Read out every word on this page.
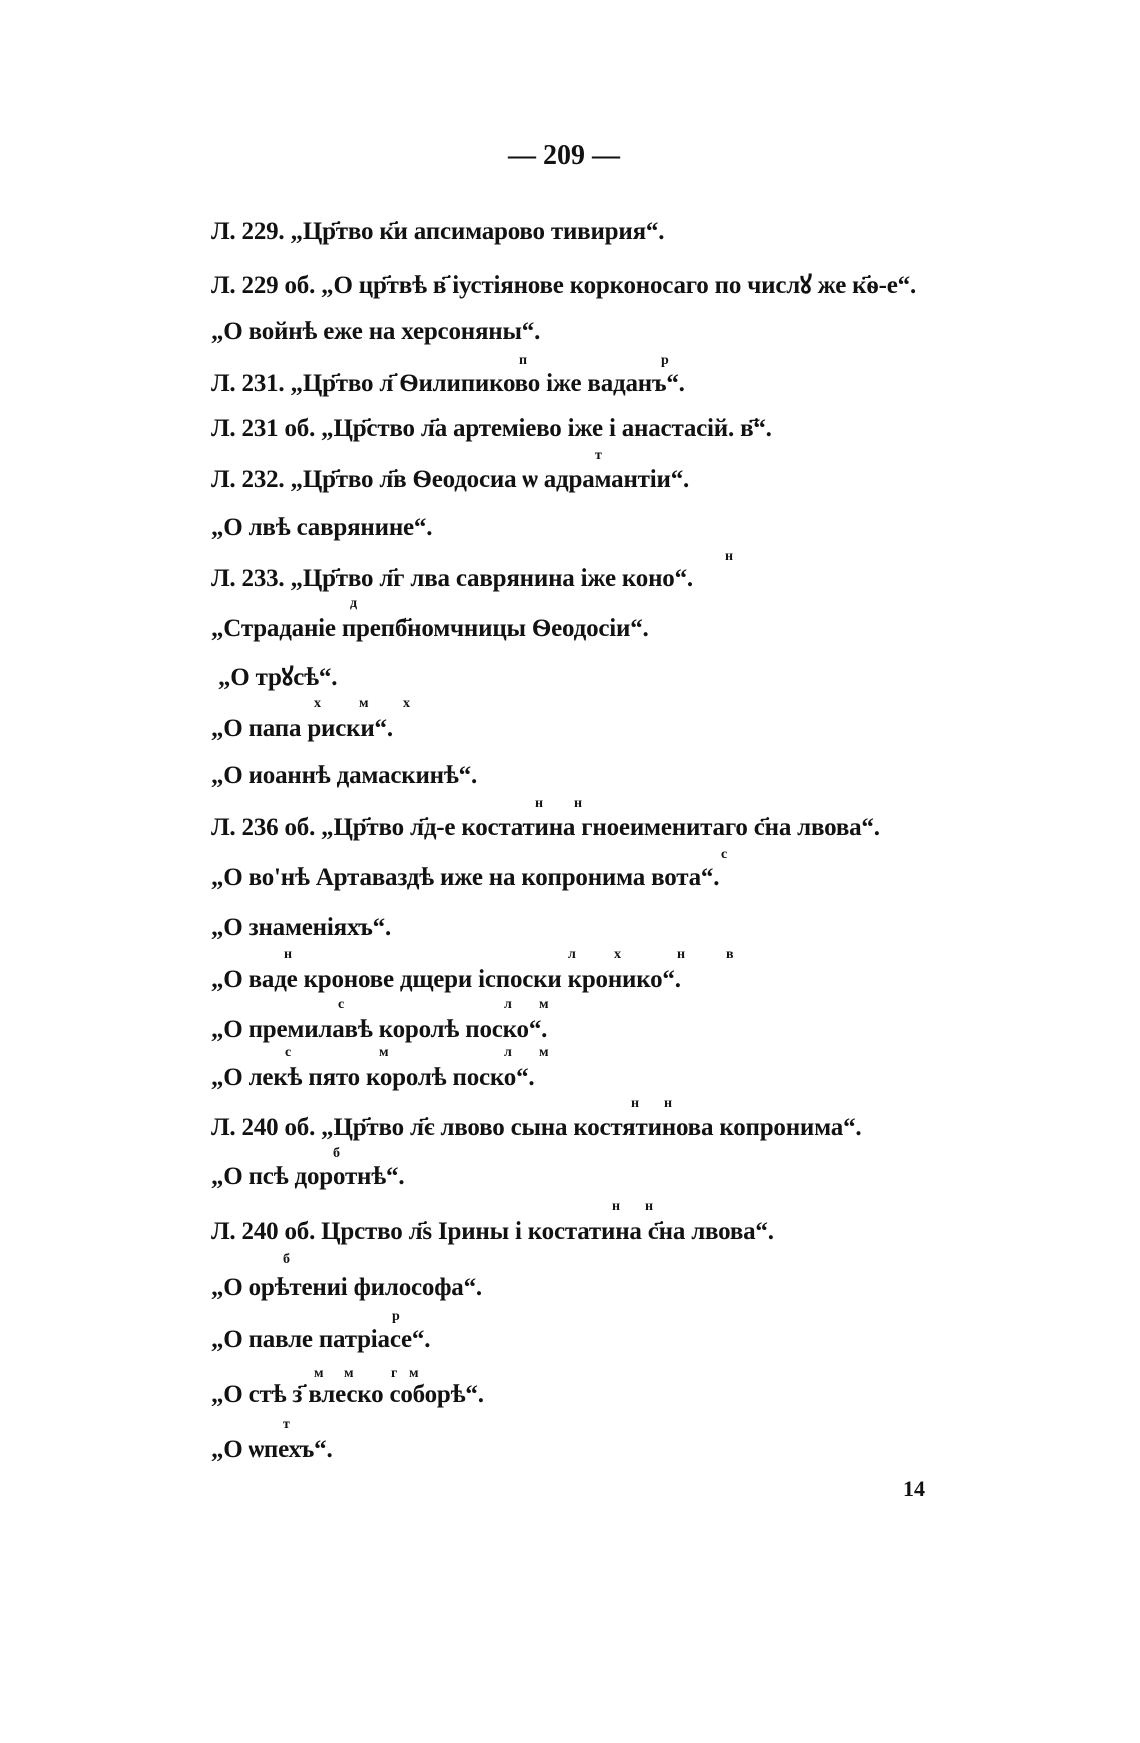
— 209 —
Л. 229. „Цр҃тво к҃и апсимарово тивирия“.
Л. 229 об. „О цр҃твѣ в҃ іустіянове корконосаго по числꙋ же к҃ѳ-е“.
„О войнѣ еже на херсоняны“.
п	р
Л. 231. „Цр҃тво л҃ Ѳилипиково іже ваданъ“.
Л. 231 об. „Цр҃ство л҃а артеміево іже і анастасій. в҃“.
т
Л. 232. „Цр҃тво л҃в Ѳеодосиа ѡ адрамантіи“.
„О лвѣ саврянине“.
н
Л. 233. „Цр҃тво л҃г лва саврянина іже коно“.
д
„Страданіе препб҃номчницы Ѳеодосіи“.
„О трꙋсѣ“.
х	м х
„О папа риски“.
„О иоаннѣ дамаскинѣ“.
н н
Л. 236 об. „Цр҃тво л҃д-е костатина гноеименитаго с҃на лвова“.
с
„О во'нѣ Артаваздѣ иже на копронима вота“.
„О знаменіяхъ“.
н	л	х	н	в
„О ваде кронове дщери іспоски кронико“.
с	л м
„О премилавѣ королѣ поско“.
с	м	л м
„О лекѣ пято королѣ поско“.
н н
Л. 240 об. „Цр҃тво л҃є лвово сына костятинова копронима“.
б
„О псѣ доротнѣ“.
н н
Л. 240 об. Црство л҃ѕ Ірины і костатина с҃на лвова“.
б
„О орѣтениі философа“.
р
„О павле патріасе“.
м м	г м
„О стѣ з҃ влеско соборѣ“.
т
„О ѡпехъ“.
14
